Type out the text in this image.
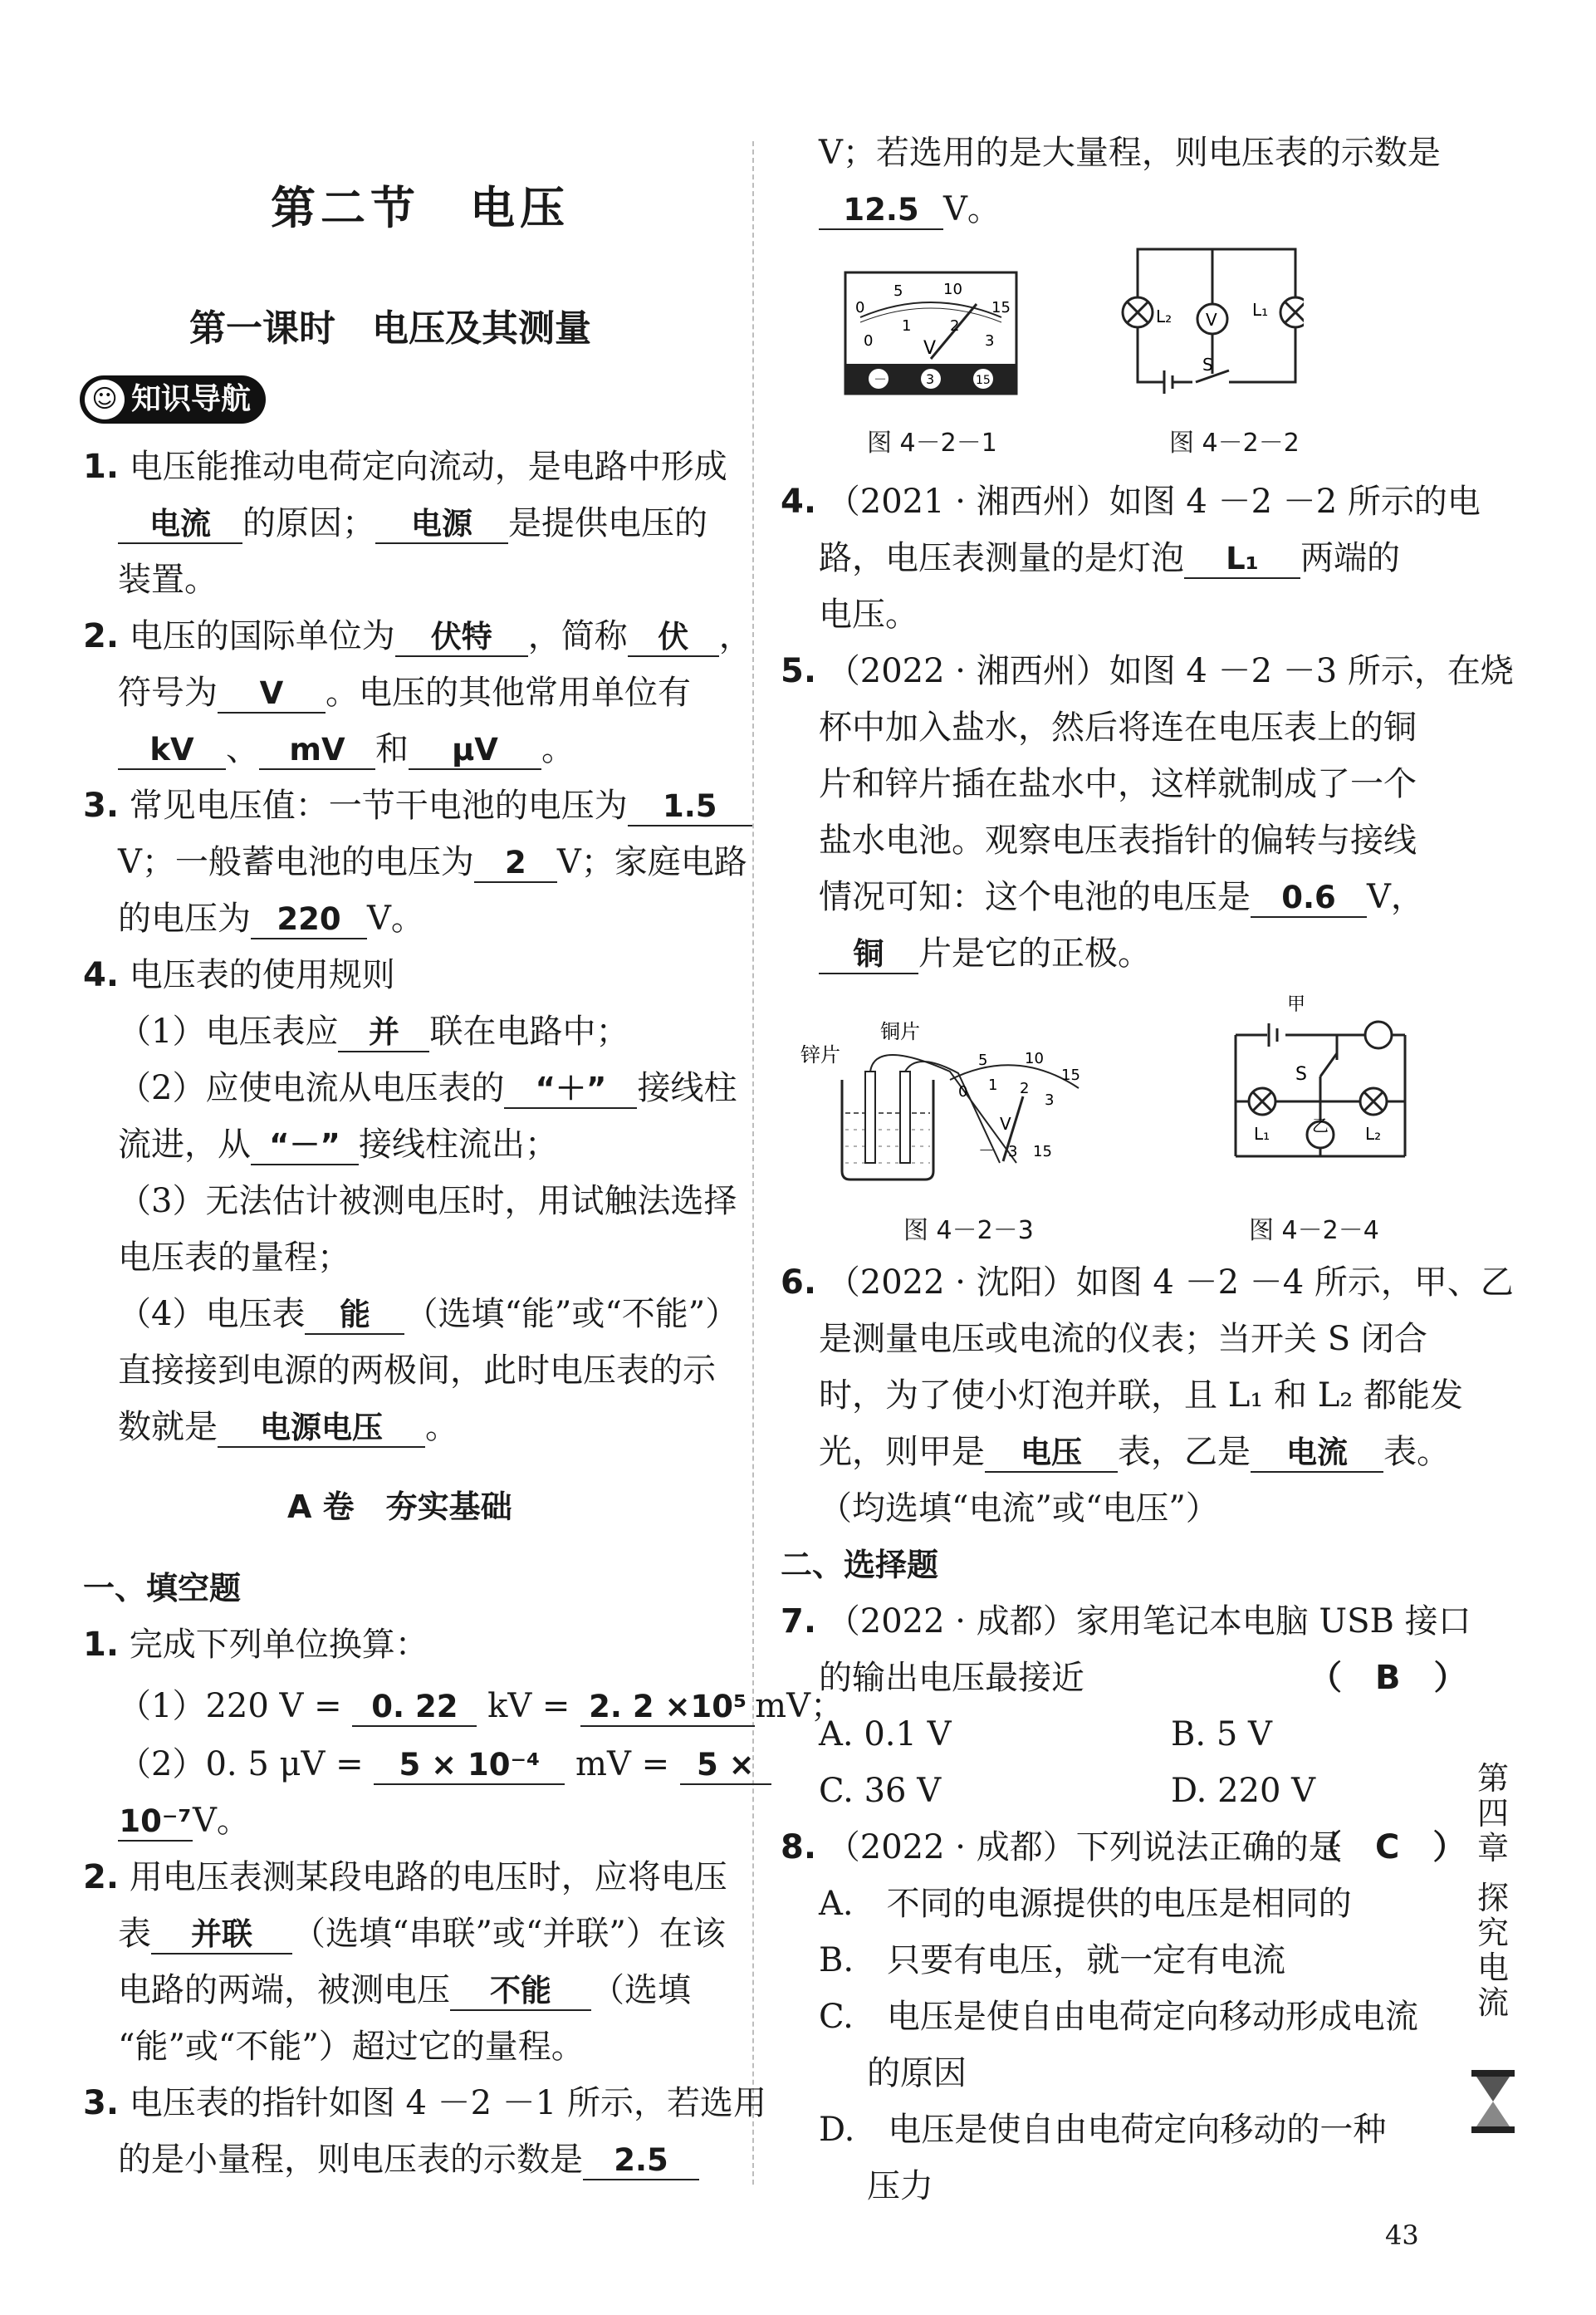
第二节　电压
第一课时　电压及其测量
☺ 知识导航
1. 电压能推动电荷定向流动，是电路中形成
电流 的原因； 电源 是提供电压的
装置。
2. 电压的国际单位为 伏特 ，简称 伏 ，
符号为 V 。电压的其他常用单位有
kV 、 mV 和 μV 。
3. 常见电压值：一节干电池的电压为 1.5
V；一般蓄电池的电压为 2 V；家庭电路
的电压为 220 V。
4. 电压表的使用规则
（1）电压表应 并 联在电路中；
（2）应使电流从电压表的 “＋” 接线柱
流进，从 “－” 接线柱流出；
（3）无法估计被测电压时，用试触法选择
电压表的量程；
（4）电压表 能 （选填“能”或“不能”）
直接接到电源的两极间，此时电压表的示
数就是 电源电压 。
A 卷　夯实基础
一、填空题
1. 完成下列单位换算：
（1）220 V = 0. 22 kV = 2. 2 ×10⁵ mV；
（2）0. 5 μV = 5 × 10⁻⁴ mV = 5 ×
10⁻⁷V。
2. 用电压表测某段电路的电压时，应将电压
表 并联 （选填“串联”或“并联”）在该
电路的两端，被测电压 不能 （选填
“能”或“不能”）超过它的量程。
3. 电压表的指针如图 4 －2 －1 所示，若选用
的是小量程，则电压表的示数是 2.5
V；若选用的是大量程，则电压表的示数是
12.5 V。
0
5	10
15
0
1	2
3
V
－	3	15
图 4－2－1
L₂ V L₁
S
图 4－2－2
4. （2021 · 湘西州）如图 4 －2 －2 所示的电
路，电压表测量的是灯泡 L₁ 两端的
电压。
5. （2022 · 湘西州）如图 4 －2 －3 所示，在烧
杯中加入盐水，然后将连在电压表上的铜
片和锌片插在盐水中，这样就制成了一个
盐水电池。观察电压表指针的偏转与接线
情况可知：这个电池的电压是 0.6 V，
铜 片是它的正极。
锌片
铜片
5 10
15
0 1 2
3
V
－ 3 15
图 4－2－3
甲
S
乙
L₁	L₂
图 4－2－4
6. （2022 · 沈阳）如图 4 －2 －4 所示，甲、乙
是测量电压或电流的仪表；当开关 S 闭合
时，为了使小灯泡并联，且 L₁ 和 L₂ 都能发
光，则甲是 电压 表，乙是 电流 表。
（均选填“电流”或“电压”）
二、选择题
7. （2022 · 成都）家用笔记本电脑 USB 接口
的输出电压最接近	（　B　）
A. 0.1 V	B. 5 V
C. 36 V	D. 220 V
8. （2022 · 成都）下列说法正确的是
（　C　）
A.　不同的电源提供的电压是相同的
B.　只要有电压，就一定有电流
C.　电压是使自由电荷定向移动形成电流
的原因
D.　电压是使自由电荷定向移动的一种
压力
第
四
章
探
究
电
流
43
